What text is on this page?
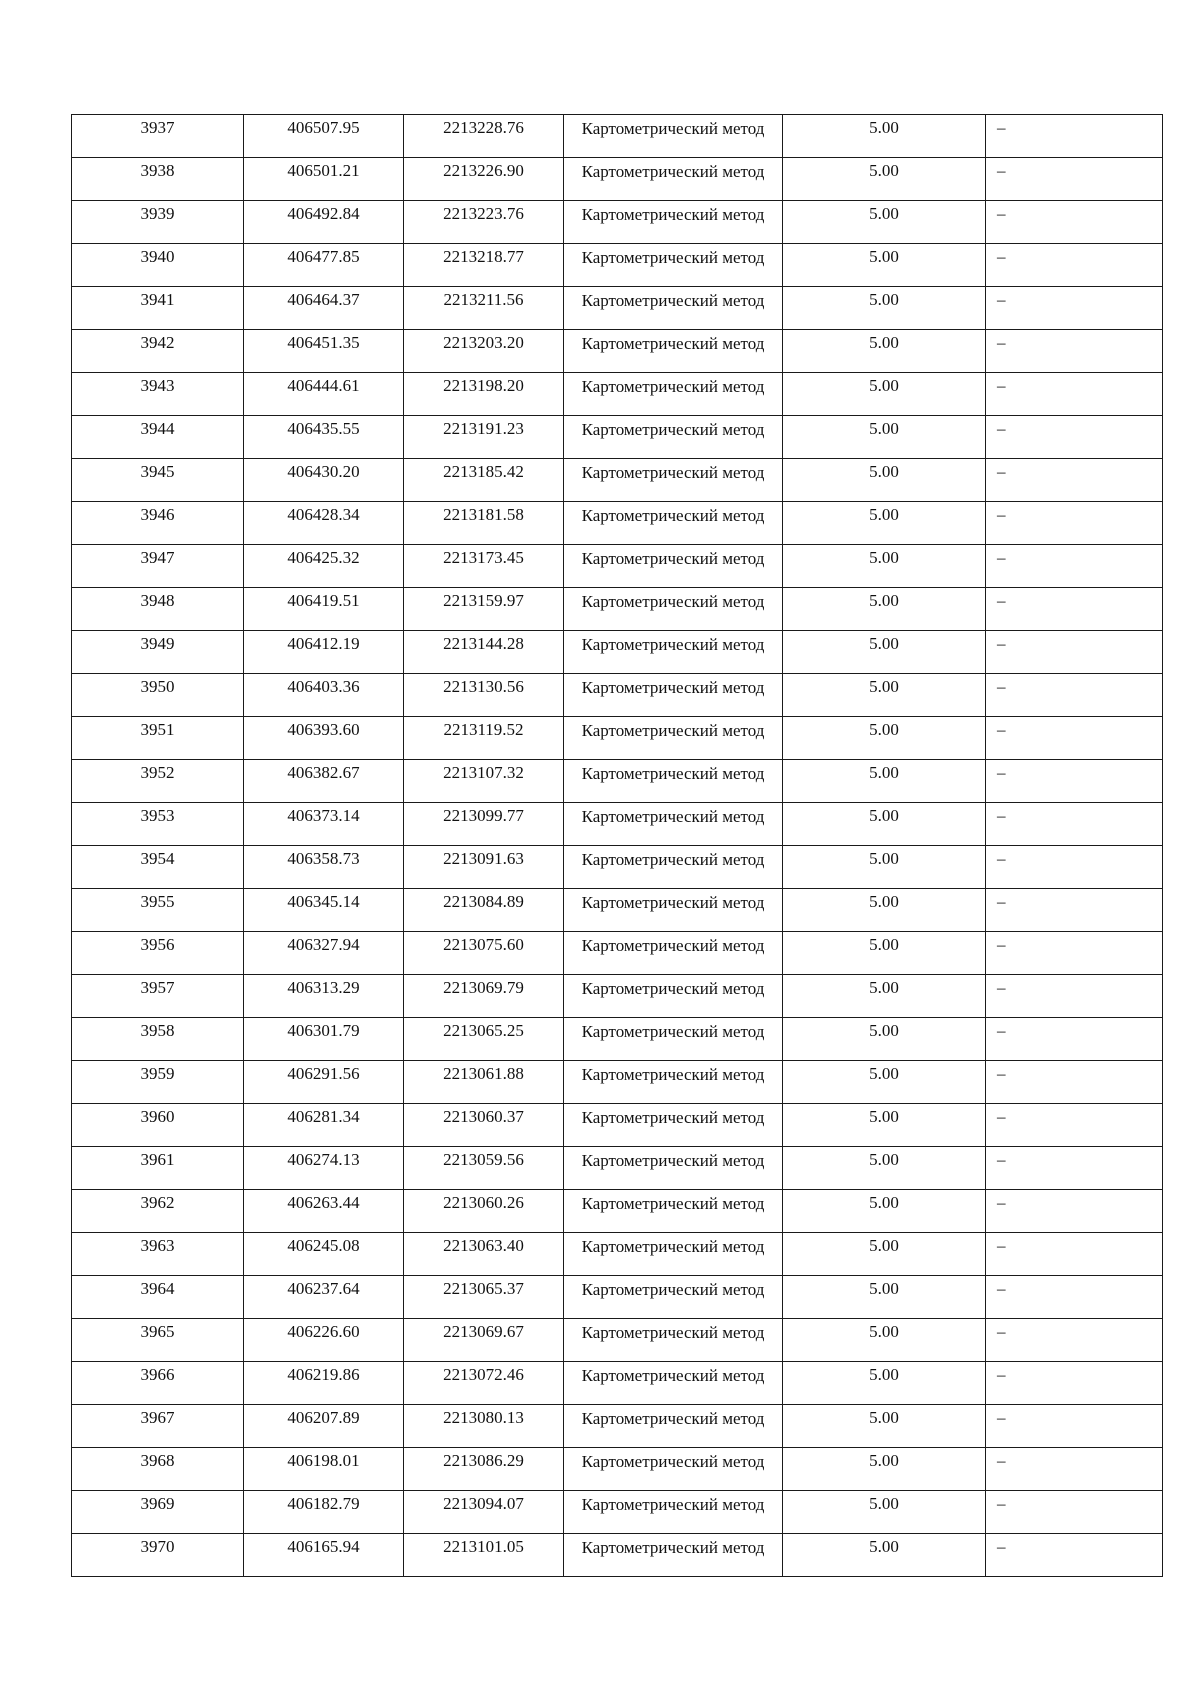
3937	406507.95	2213228.76	Картометрический метод	5.00	–

3938	406501.21	2213226.90	Картометрический метод	5.00	–

3939	406492.84	2213223.76	Картометрический метод	5.00	–

3940	406477.85	2213218.77	Картометрический метод	5.00	–

3941	406464.37	2213211.56	Картометрический метод	5.00	–

3942	406451.35	2213203.20	Картометрический метод	5.00	–

3943	406444.61	2213198.20	Картометрический метод	5.00	–

3944	406435.55	2213191.23	Картометрический метод	5.00	–

3945	406430.20	2213185.42	Картометрический метод	5.00	–

3946	406428.34	2213181.58	Картометрический метод	5.00	–

3947	406425.32	2213173.45	Картометрический метод	5.00	–

3948	406419.51	2213159.97	Картометрический метод	5.00	–

3949	406412.19	2213144.28	Картометрический метод	5.00	–

3950	406403.36	2213130.56	Картометрический метод	5.00	–

3951	406393.60	2213119.52	Картометрический метод	5.00	–

3952	406382.67	2213107.32	Картометрический метод	5.00	–

3953	406373.14	2213099.77	Картометрический метод	5.00	–

3954	406358.73	2213091.63	Картометрический метод	5.00	–

3955	406345.14	2213084.89	Картометрический метод	5.00	–

3956	406327.94	2213075.60	Картометрический метод	5.00	–

3957	406313.29	2213069.79	Картометрический метод	5.00	–

3958	406301.79	2213065.25	Картометрический метод	5.00	–

3959	406291.56	2213061.88	Картометрический метод	5.00	–

3960	406281.34	2213060.37	Картометрический метод	5.00	–

3961	406274.13	2213059.56	Картометрический метод	5.00	–

3962	406263.44	2213060.26	Картометрический метод	5.00	–

3963	406245.08	2213063.40	Картометрический метод	5.00	–

3964	406237.64	2213065.37	Картометрический метод	5.00	–

3965	406226.60	2213069.67	Картометрический метод	5.00	–

3966	406219.86	2213072.46	Картометрический метод	5.00	–

3967	406207.89	2213080.13	Картометрический метод	5.00	–

3968	406198.01	2213086.29	Картометрический метод	5.00	–

3969	406182.79	2213094.07	Картометрический метод	5.00	–

3970	406165.94	2213101.05	Картометрический метод	5.00	–
